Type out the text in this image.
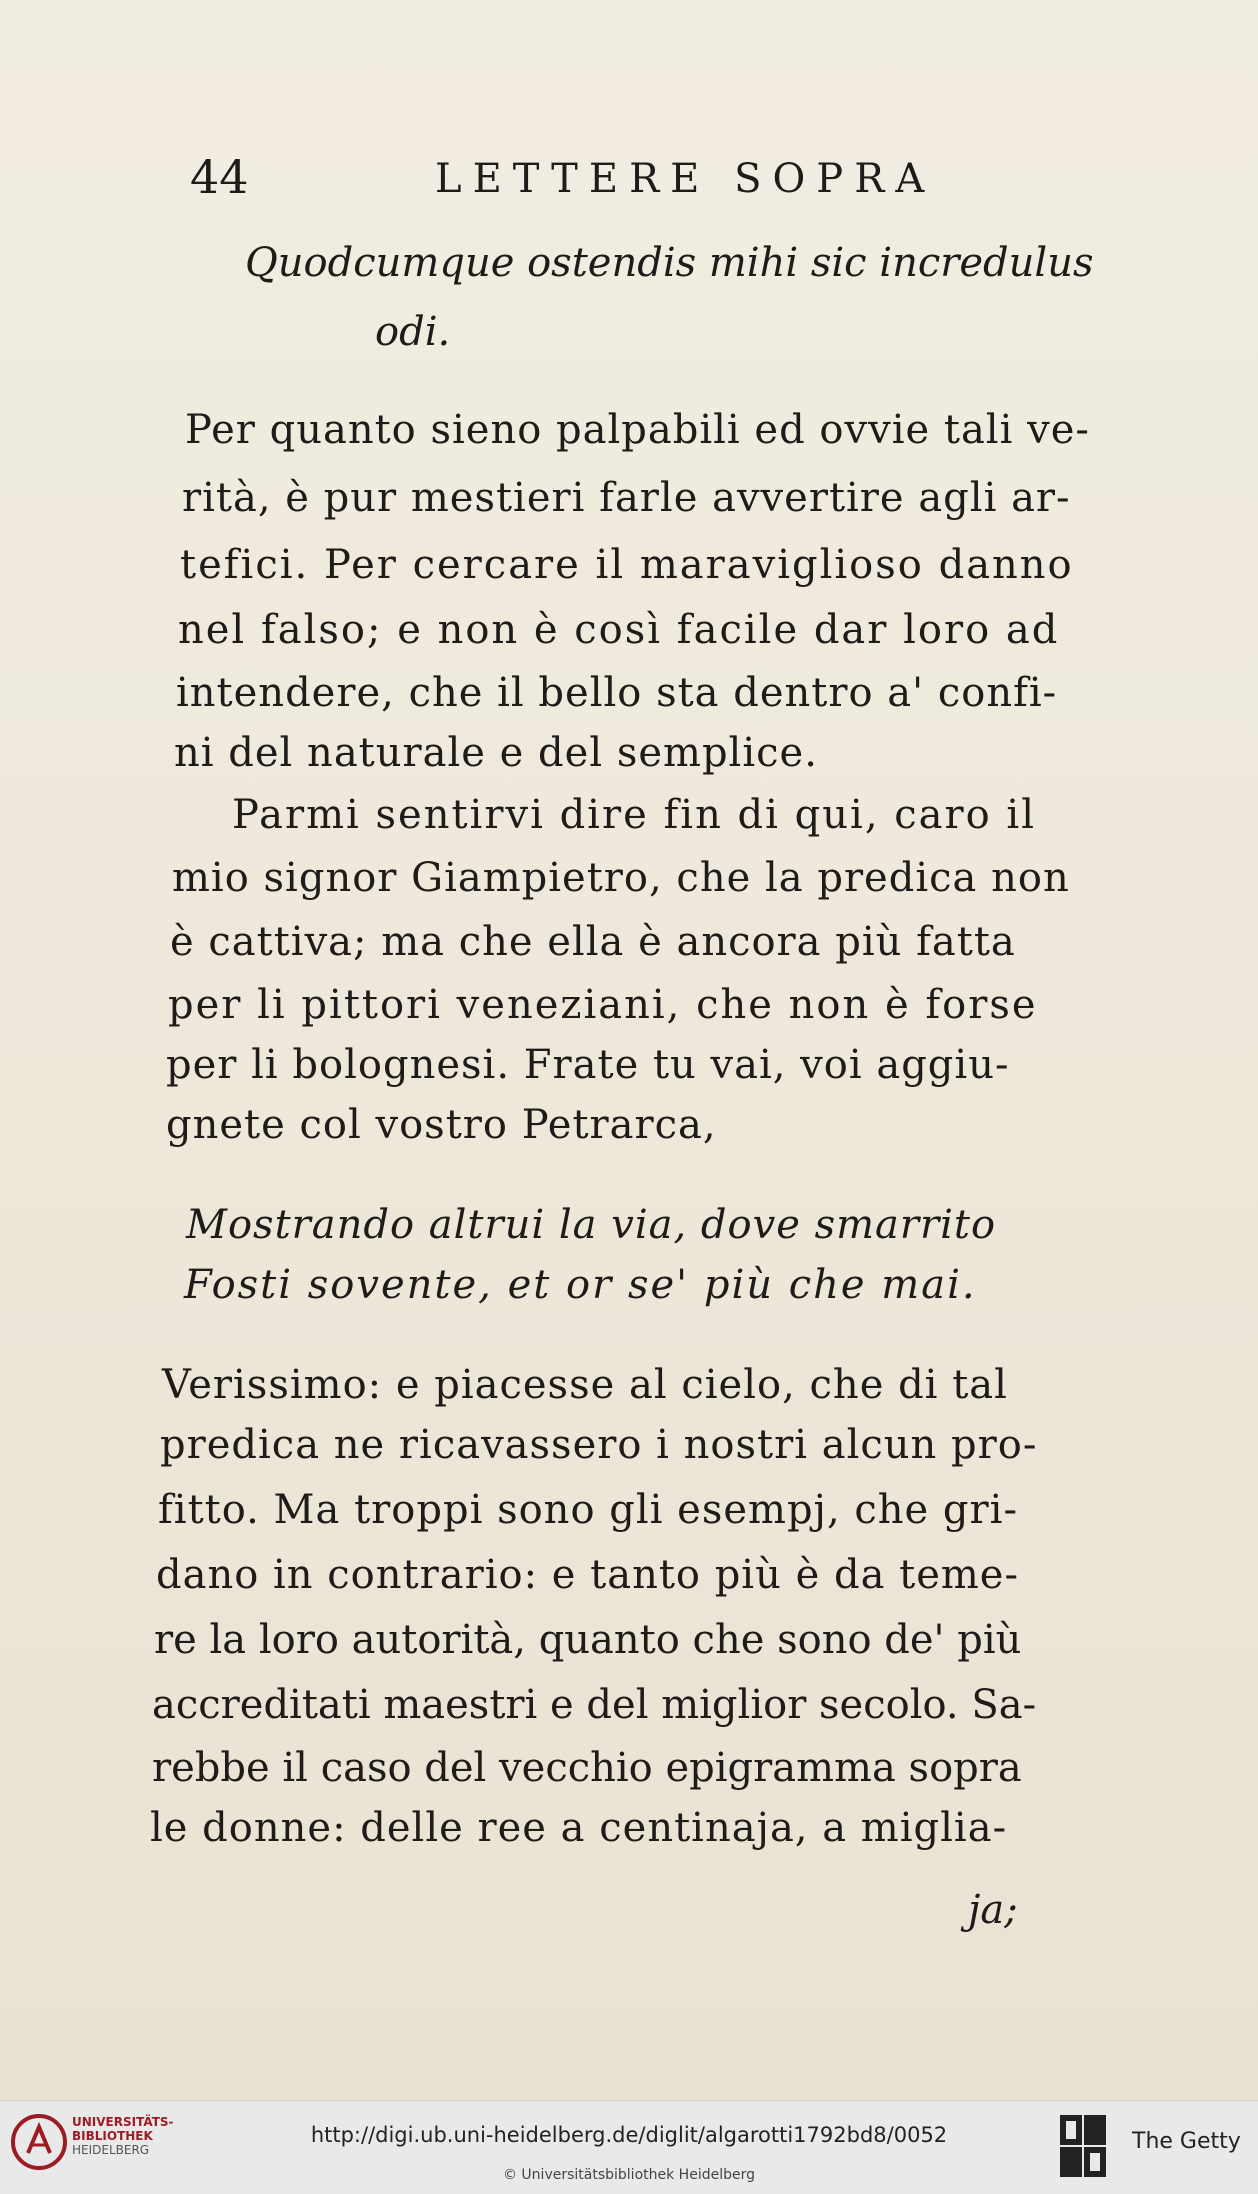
44	LETTERE SOPRA
Quodcumque ostendis mihi sic incredulus
odi.
Per quanto sieno palpabili ed ovvie tali ve-
rità, è pur mestieri farle avvertire agli ar-
tefici. Per cercare il maraviglioso danno
nel falso; e non è così facile dar loro ad
intendere, che il bello sta dentro a' confi-
ni del naturale e del semplice.
Parmi sentirvi dire fin di qui, caro il
mio signor Giampietro, che la predica non
è cattiva; ma che ella è ancora più fatta
per li pittori veneziani, che non è forse
per li bolognesi. Frate tu vai, voi aggiu-
gnete col vostro Petrarca,
Mostrando altrui la via, dove smarrito
Fosti sovente, et or se' più che mai.
Verissimo: e piacesse al cielo, che di tal
predica ne ricavassero i nostri alcun pro-
fitto. Ma troppi sono gli esempj, che gri-
dano in contrario: e tanto più è da teme-
re la loro autorità, quanto che sono de' più
accreditati maestri e del miglior secolo. Sa-
rebbe il caso del vecchio epigramma sopra
le donne: delle ree a centinaja, a miglia-
ja;
UNIVERSITÄTS-
BIBLIOTHEK
HEIDELBERG
http://digi.ub.uni-heidelberg.de/diglit/algarotti1792bd8/0052
© Universitätsbibliothek Heidelberg
The Getty
